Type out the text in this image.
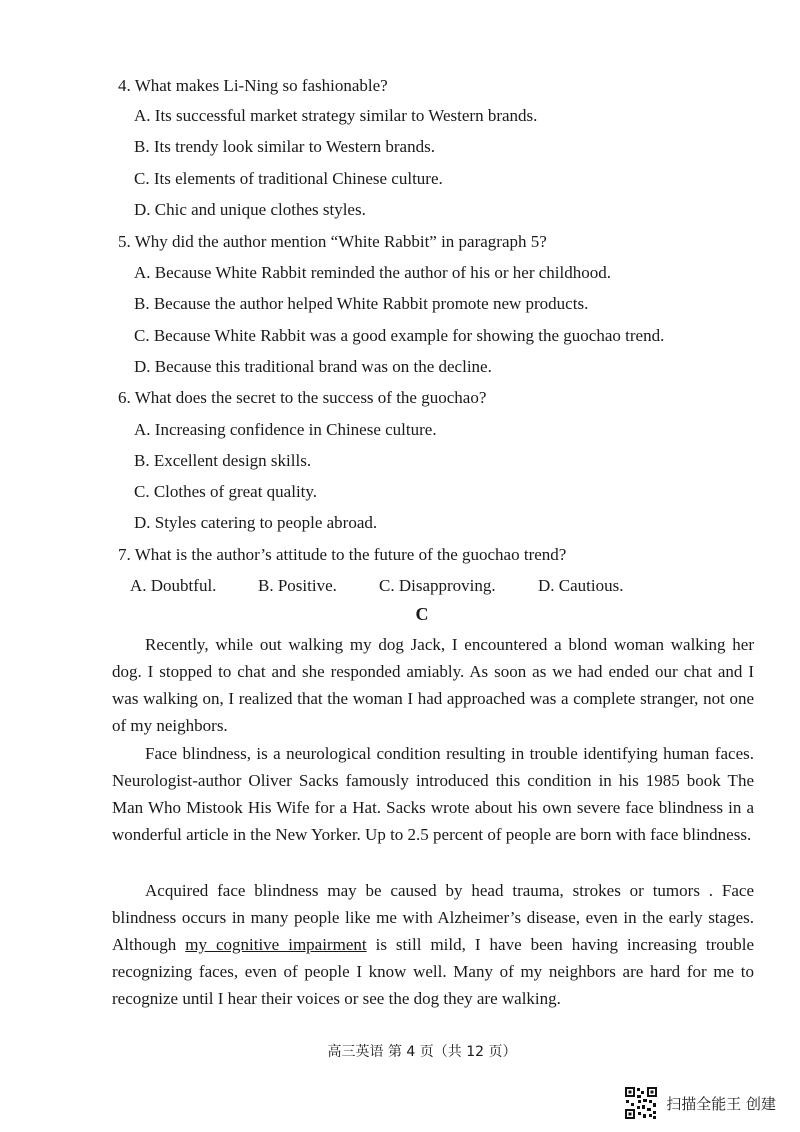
4. What makes Li-Ning so fashionable?
A. Its successful market strategy similar to Western brands.
B. Its trendy look similar to Western brands.
C. Its elements of traditional Chinese culture.
D. Chic and unique clothes styles.
5. Why did the author mention “White Rabbit” in paragraph 5?
A. Because White Rabbit reminded the author of his or her childhood.
B. Because the author helped White Rabbit promote new products.
C. Because White Rabbit was a good example for showing the guochao trend.
D. Because this traditional brand was on the decline.
6. What does the secret to the success of the guochao?
A. Increasing confidence in Chinese culture.
B. Excellent design skills.
C. Clothes of great quality.
D. Styles catering to people abroad.
7. What is the author’s attitude to the future of the guochao trend?
A. Doubtful. B. Positive. C. Disapproving. D. Cautious.
C
Recently, while out walking my dog Jack, I encountered a blond woman walking her dog. I stopped to chat and she responded amiably. As soon as we had ended our chat and I was walking on, I realized that the woman I had approached was a complete stranger, not one of my neighbors.
Face blindness, is a neurological condition resulting in trouble identifying human faces. Neurologist-author Oliver Sacks famously introduced this condition in his 1985 book The Man Who Mistook His Wife for a Hat. Sacks wrote about his own severe face blindness in a wonderful article in the New Yorker. Up to 2.5 percent of people are born with face blindness.
Acquired face blindness may be caused by head trauma, strokes or tumors . Face blindness occurs in many people like me with Alzheimer’s disease, even in the early stages. Although my cognitive impairment is still mild, I have been having increasing trouble recognizing faces, even of people I know well. Many of my neighbors are hard for me to recognize until I hear their voices or see the dog they are walking.
高三英语 第 4 页（共 12 页）
扫描全能王 创建
